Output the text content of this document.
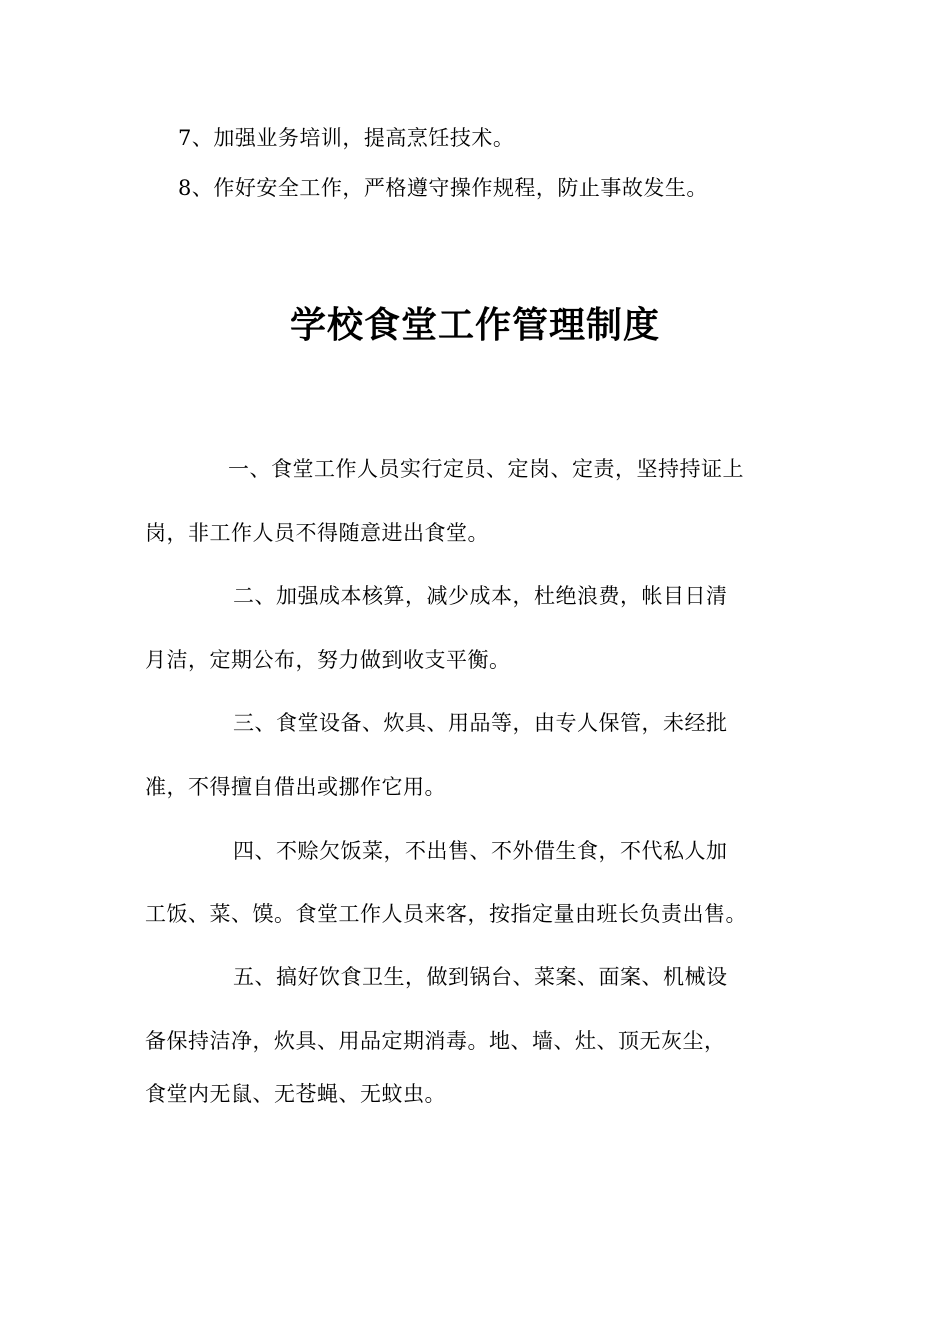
7、加强业务培训，提高烹饪技术。
8、作好安全工作，严格遵守操作规程，防止事故发生。
学校食堂工作管理制度
一、食堂工作人员实行定员、定岗、定责，坚持持证上
岗，非工作人员不得随意进出食堂。
二、加强成本核算，减少成本，杜绝浪费，帐目日清
月洁，定期公布，努力做到收支平衡。
三、食堂设备、炊具、用品等，由专人保管，未经批
准，不得擅自借出或挪作它用。
四、不赊欠饭菜，不出售、不外借生食，不代私人加
工饭、菜、馍。食堂工作人员来客，按指定量由班长负责出售。
五、搞好饮食卫生，做到锅台、菜案、面案、机械设
备保持洁净，炊具、用品定期消毒。地、墙、灶、顶无灰尘，
食堂内无鼠、无苍蝇、无蚊虫。
